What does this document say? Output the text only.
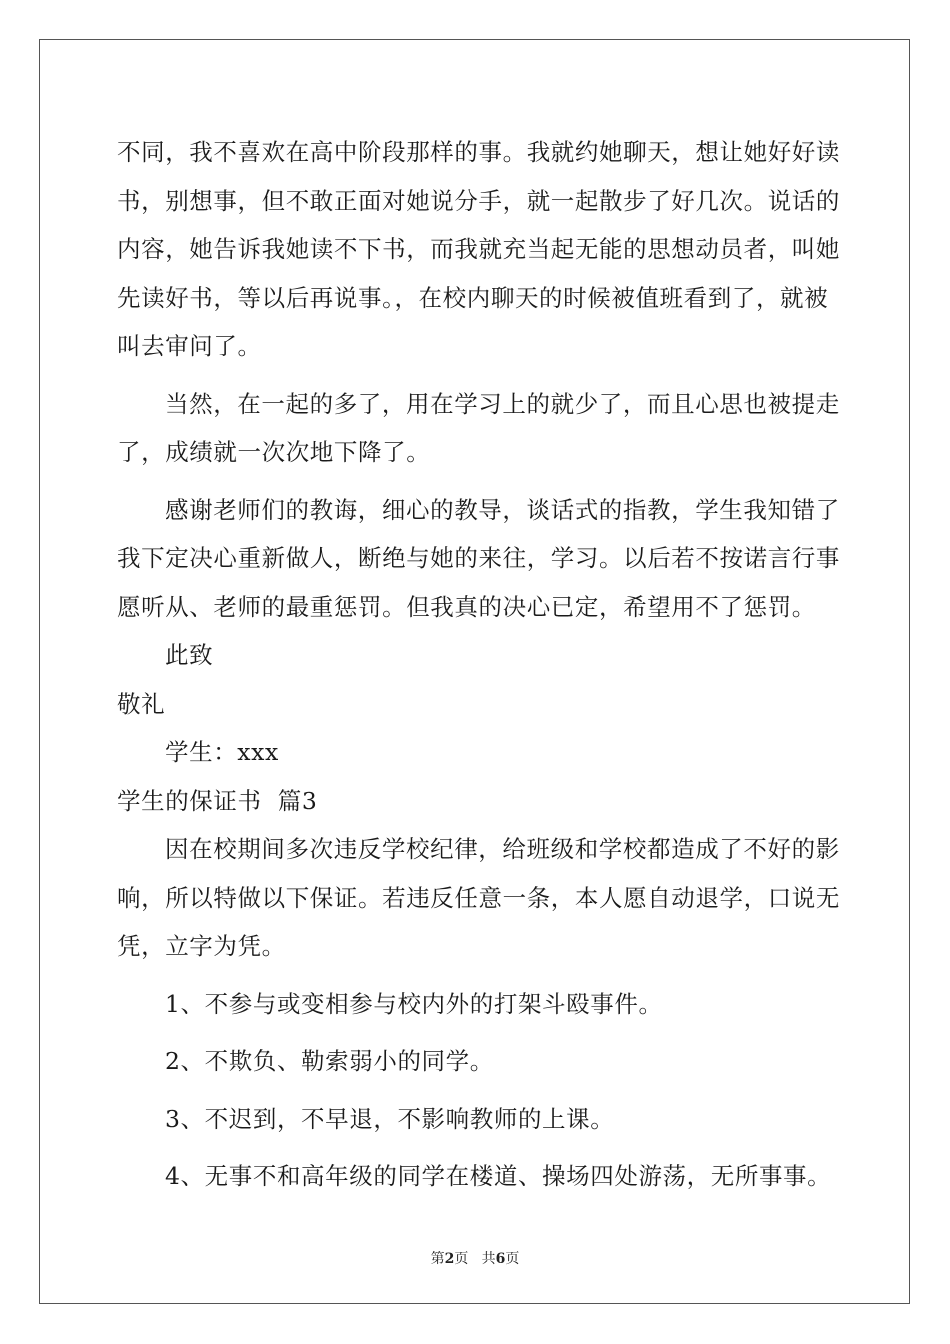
不同，我不喜欢在高中阶段那样的事。我就约她聊天，想让她好好读
书，别想事，但不敢正面对她说分手，就一起散步了好几次。说话的
内容，她告诉我她读不下书，而我就充当起无能的思想动员者，叫她
先读好书，等以后再说事。，在校内聊天的时候被值班看到了，就被
叫去审问了。
当然，在一起的多了，用在学习上的就少了，而且心思也被提走
了，成绩就一次次地下降了。
感谢老师们的教诲，细心的教导，谈话式的指教，学生我知错了
我下定决心重新做人，断绝与她的来往，学习。以后若不按诺言行事
愿听从、老师的最重惩罚。但我真的决心已定，希望用不了惩罚。
此致
敬礼
学生：xxx
学生的保证书  篇3
因在校期间多次违反学校纪律，给班级和学校都造成了不好的影
响，所以特做以下保证。若违反任意一条，本人愿自动退学，口说无
凭，立字为凭。
1、不参与或变相参与校内外的打架斗殴事件。
2、不欺负、勒索弱小的同学。
3、不迟到，不早退，不影响教师的上课。
4、无事不和高年级的同学在楼道、操场四处游荡，无所事事。
第2页   共6页
